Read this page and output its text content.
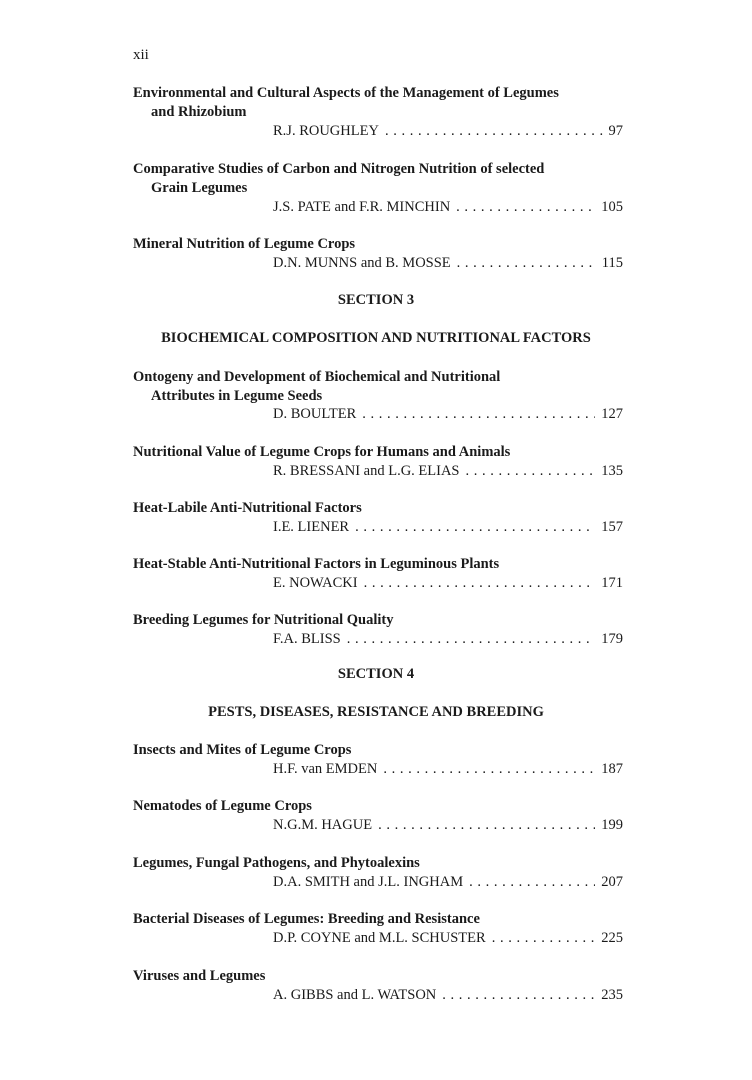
xii
Environmental and Cultural Aspects of the Management of Legumes
and Rhizobium
R.J. ROUGHLEY . . .	97
Comparative Studies of Carbon and Nitrogen Nutrition of selected
Grain Legumes
J.S. PATE and F.R. MINCHIN . . .	105
Mineral Nutrition of Legume Crops
D.N. MUNNS and B. MOSSE . . .	115
SECTION 3
BIOCHEMICAL COMPOSITION AND NUTRITIONAL FACTORS
Ontogeny and Development of Biochemical and Nutritional
Attributes in Legume Seeds
D. BOULTER . . .	127
Nutritional Value of Legume Crops for Humans and Animals
R. BRESSANI and L.G. ELIAS . . .	135
Heat-Labile Anti-Nutritional Factors
I.E. LIENER . . .	157
Heat-Stable Anti-Nutritional Factors in Leguminous Plants
E. NOWACKI . . .	171
Breeding Legumes for Nutritional Quality
F.A. BLISS . . .	179
SECTION 4
PESTS, DISEASES, RESISTANCE AND BREEDING
Insects and Mites of Legume Crops
H.F. van EMDEN . . .	187
Nematodes of Legume Crops
N.G.M. HAGUE . . .	199
Legumes, Fungal Pathogens, and Phytoalexins
D.A. SMITH and J.L. INGHAM . . .	207
Bacterial Diseases of Legumes: Breeding and Resistance
D.P. COYNE and M.L. SCHUSTER . . .	225
Viruses and Legumes
A. GIBBS and L. WATSON . . .	235
